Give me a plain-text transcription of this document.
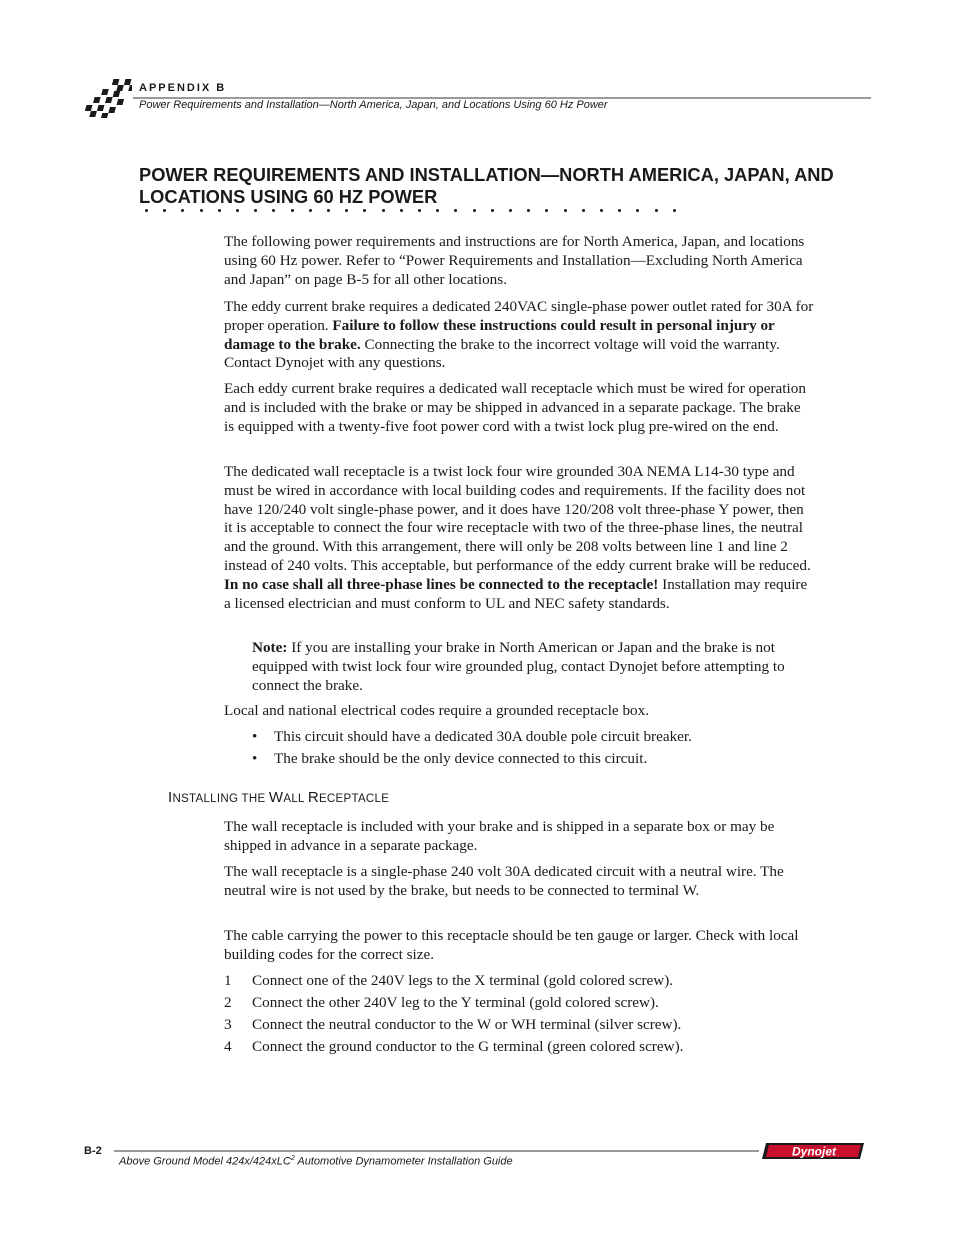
APPENDIX B
Power Requirements and Installation—North America, Japan, and Locations Using 60 Hz Power
POWER REQUIREMENTS AND INSTALLATION—NORTH AMERICA, JAPAN, AND
LOCATIONS USING 60 HZ POWER

The following power requirements and instructions are for North America, Japan, and locations using 60 Hz power. Refer to “Power Requirements and Installation—Excluding North America and Japan” on page B-5 for all other locations.

The eddy current brake requires a dedicated 240VAC single-phase power outlet rated for 30A for proper operation. Failure to follow these instructions could result in personal injury or damage to the brake. Connecting the brake to the incorrect voltage will void the warranty. Contact Dynojet with any questions.

Each eddy current brake requires a dedicated wall receptacle which must be wired for operation and is included with the brake or may be shipped in advanced in a separate package. The brake is equipped with a twenty-five foot power cord with a twist lock plug pre-wired on the end.

The dedicated wall receptacle is a twist lock four wire grounded 30A NEMA L14-30 type and must be wired in accordance with local building codes and requirements. If the facility does not have 120/240 volt single-phase power, and it does have 120/208 volt three-phase Y power, then it is acceptable to connect the four wire receptacle with two of the three-phase lines, the neutral and the ground. With this arrangement, there will only be 208 volts between line 1 and line 2 instead of 240 volts. This acceptable, but performance of the eddy current brake will be reduced. In no case shall all three-phase lines be connected to the receptacle! Installation may require a licensed electrician and must conform to UL and NEC safety standards.

Note: If you are installing your brake in North American or Japan and the brake is not equipped with twist lock four wire grounded plug, contact Dynojet before attempting to connect the brake.

Local and national electrical codes require a grounded receptacle box.

• This circuit should have a dedicated 30A double pole circuit breaker.
• The brake should be the only device connected to this circuit.
INSTALLING THE WALL RECEPTACLE

The wall receptacle is included with your brake and is shipped in a separate box or may be shipped in advance in a separate package.

The wall receptacle is a single-phase 240 volt 30A dedicated circuit with a neutral wire. The neutral wire is not used by the brake, but needs to be connected to terminal W.

The cable carrying the power to this receptacle should be ten gauge or larger. Check with local building codes for the correct size.

1 Connect one of the 240V legs to the X terminal (gold colored screw).
2 Connect the other 240V leg to the Y terminal (gold colored screw).
3 Connect the neutral conductor to the W or WH terminal (silver screw).
4 Connect the ground conductor to the G terminal (green colored screw).
B-2
Above Ground Model 424x/424xLC$^2$ Automotive Dynamometer Installation Guide
Dynojet
